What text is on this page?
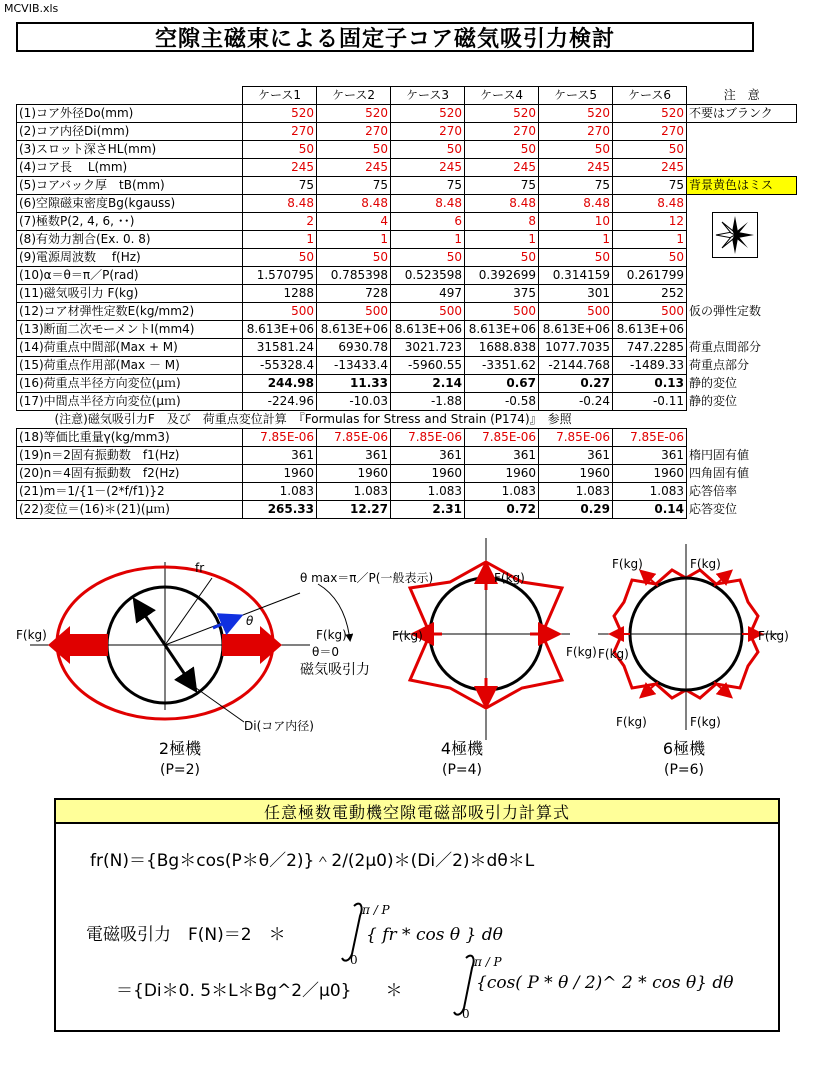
MCVIB.xls
空隙主磁束による固定子コア磁気吸引力検討
	ケース1	ケース2	ケース3	ケース4	ケース5	ケース6	注　意
(1)コア外径Do(mm)	520	520	520	520	520	520	不要はブランク
(2)コア内径Di(mm)	270	270	270	270	270	270	
(3)スロット深さHL(mm)	50	50	50	50	50	50	
(4)コア長　 L(mm)	245	245	245	245	245	245	
(5)コアバック厚　tB(mm)	75	75	75	75	75	75	背景黄色はミス
(6)空隙磁束密度Bg(kgauss)	8.48	8.48	8.48	8.48	8.48	8.48	
(7)極数P(2, 4, 6, ･･)	2	4	6	8	10	12	
(8)有効力割合(Ex. 0. 8)	1	1	1	1	1	1	
(9)電源周波数　 f(Hz)	50	50	50	50	50	50	
(10)α＝θ＝π／P(rad)	1.570795	0.785398	0.523598	0.392699	0.314159	0.261799	
(11)磁気吸引力 F(kg)	1288	728	497	375	301	252	
(12)コア材弾性定数E(kg/mm2)	500	500	500	500	500	500	仮の弾性定数
(13)断面二次モーメントI(mm4)	8.613E+06	8.613E+06	8.613E+06	8.613E+06	8.613E+06	8.613E+06	
(14)荷重点中間部(Max + M)	31581.24	6930.78	3021.723	1688.838	1077.7035	747.2285	荷重点間部分
(15)荷重点作用部(Max － M)	-55328.4	-13433.4	-5960.55	-3351.62	-2144.768	-1489.33	荷重点部分
(16)荷重点半径方向変位(μｍ)	244.98	11.33	2.14	0.67	0.27	0.13	静的変位
(17)中間点半径方向変位(μｍ)	-224.96	-10.03	-1.88	-0.58	-0.24	-0.11	静的変位
(注意)磁気吸引力F　及び　荷重点変位計算　『Formulas for Stress and Strain (P174)』　参照							
(18)等価比重量γ(kg/mm3)	7.85E-06	7.85E-06	7.85E-06	7.85E-06	7.85E-06	7.85E-06	
(19)n＝2固有振動数　f1(Hz)	361	361	361	361	361	361	楕円固有値
(20)n＝4固有振動数　f2(Hz)	1960	1960	1960	1960	1960	1960	四角固有値
(21)m＝1/{1－(2*f/f1)}2	1.083	1.083	1.083	1.083	1.083	1.083	応答倍率
(22)変位＝(16)＊(21)(μｍ)	265.33	12.27	2.31	0.72	0.29	0.14	応答変位
fr
θ max＝π／P(一般表示)
θ
F(kg)	F(kg)
θ＝0
磁気吸引力
Di(コア内径)
F(kg)
F(kg)
F(kg)
F(kg)	F(kg)
F(kg)
F(kg)
F(kg)	F(kg)
2極機
(P=2)
4極機
(P=4)
6極機
(P=6)
任意極数電動機空隙電磁部吸引力計算式
fr(N)＝{Bg＊cos(P＊θ／2)}＾2/(2μ0)＊(Di／2)＊dθ＊L
電磁吸引力　F(N)＝2　＊
π / P
0
{ fr * cos θ } dθ
＝{Di＊0. 5＊L＊Bg^2／μ0}　　＊
π / P
0
{cos( P * θ / 2)^ 2 * cos θ} dθ
